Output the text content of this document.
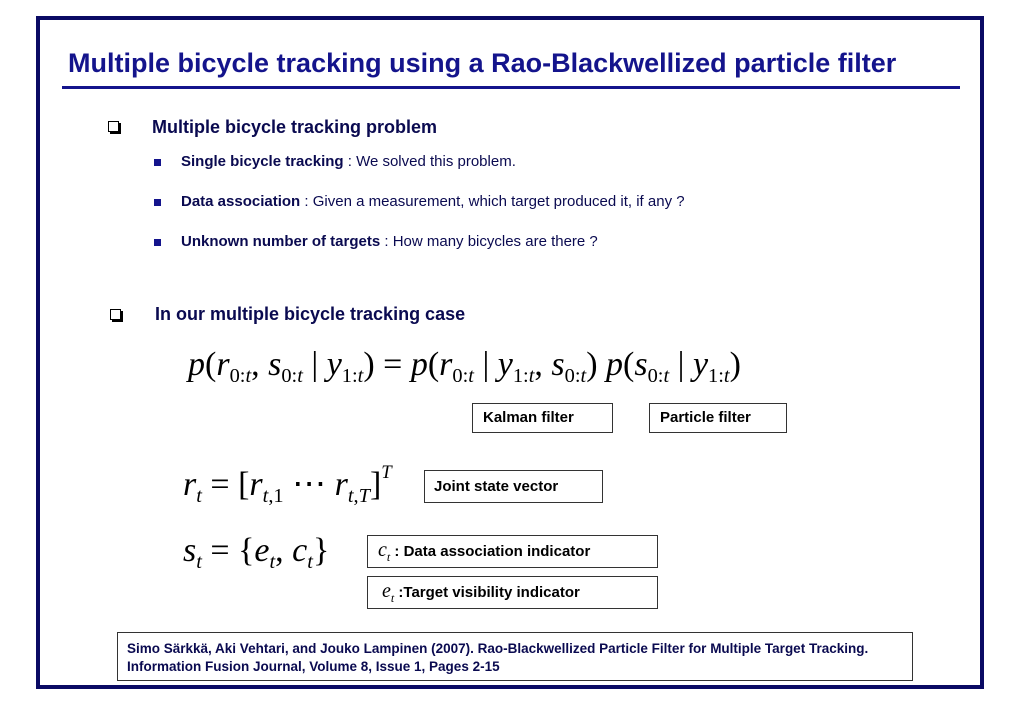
Multiple bicycle tracking using a Rao-Blackwellized particle filter
Multiple bicycle tracking problem
Single bicycle tracking : We solved this problem.
Data association : Given a measurement, which target produced it, if any ?
Unknown number of targets : How many bicycles are there ?
In our multiple bicycle tracking case
$p(r_{0:t}$, $s_{0:t}$ | $y_{1:t}) = p(r_{0:t}$ | $y_{1:t}$, $s_{0:t}$) $p(s_{0:t}$ | $y_{1:t}$)
Kalman filter	Particle filter
$r_t = [r_{t,1}$ ⋯ $r_{t,T}]^T$
Joint state vector
$s_t = \{e_t$, $c_t$}	$c_t$ : Data association indicator
$e_t$ :Target visibility indicator
Simo Särkkä, Aki Vehtari, and Jouko Lampinen (2007). Rao-Blackwellized Particle Filter for Multiple Target Tracking. Information Fusion Journal, Volume 8, Issue 1, Pages 2-15
